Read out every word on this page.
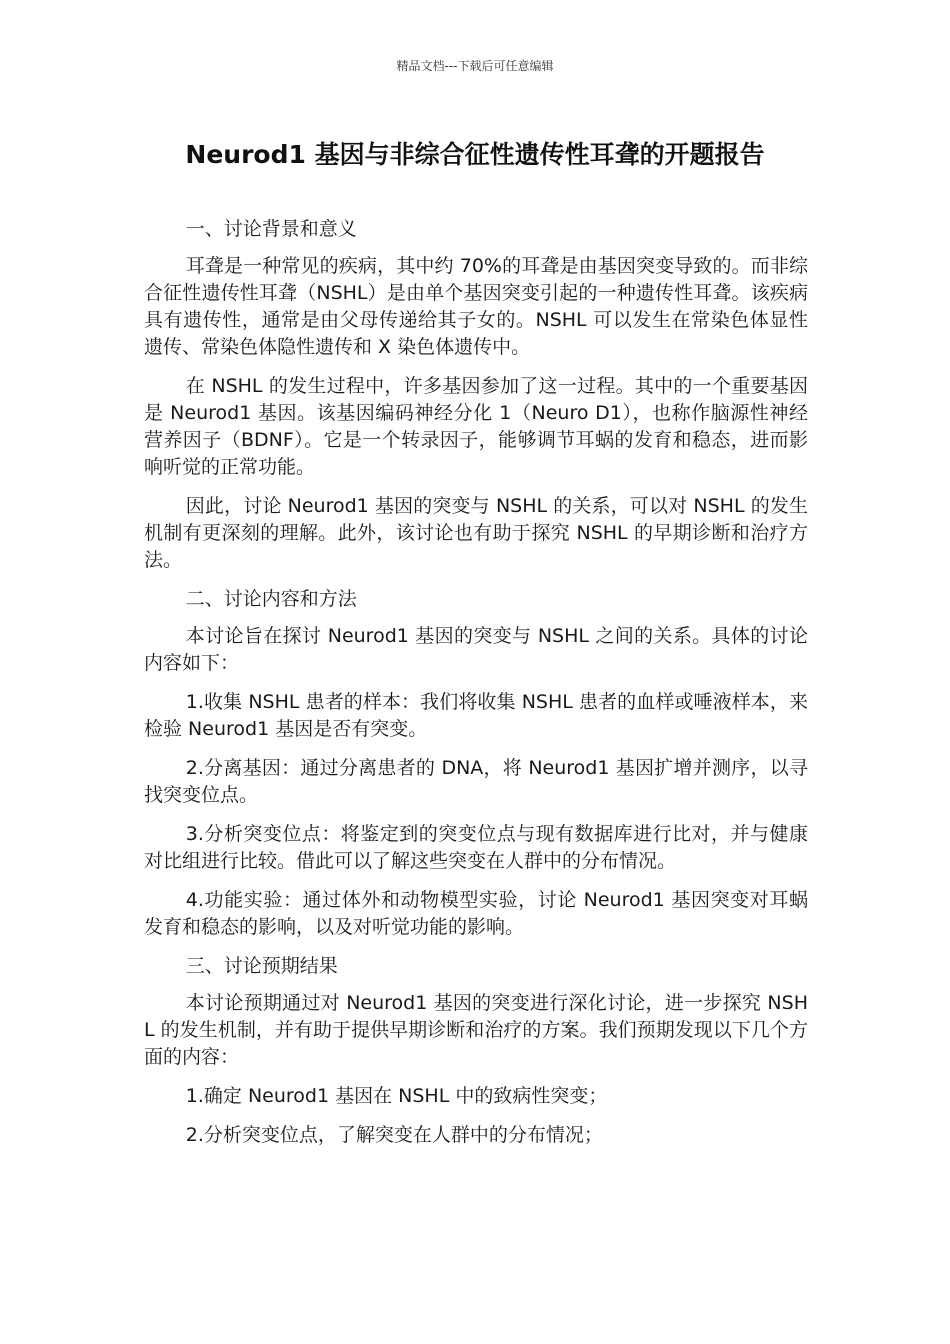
精品文档---下载后可任意编辑
Neurod1 基因与非综合征性遗传性耳聋的开题报告

一、讨论背景和意义

耳聋是一种常见的疾病，其中约 70%的耳聋是由基因突变导致的。而非综合征性遗传性耳聋（NSHL）是由单个基因突变引起的一种遗传性耳聋。该疾病具有遗传性，通常是由父母传递给其子女的。NSHL 可以发生在常染色体显性遗传、常染色体隐性遗传和 X 染色体遗传中。

在 NSHL 的发生过程中，许多基因参加了这一过程。其中的一个重要基因是 Neurod1 基因。该基因编码神经分化 1（Neuro D1），也称作脑源性神经营养因子（BDNF）。它是一个转录因子，能够调节耳蜗的发育和稳态，进而影响听觉的正常功能。

因此，讨论 Neurod1 基因的突变与 NSHL 的关系，可以对 NSHL 的发生机制有更深刻的理解。此外，该讨论也有助于探究 NSHL 的早期诊断和治疗方法。

二、讨论内容和方法

本讨论旨在探讨 Neurod1 基因的突变与 NSHL 之间的关系。具体的讨论内容如下：

1.收集 NSHL 患者的样本：我们将收集 NSHL 患者的血样或唾液样本，来检验 Neurod1 基因是否有突变。

2.分离基因：通过分离患者的 DNA，将 Neurod1 基因扩增并测序，以寻找突变位点。

3.分析突变位点：将鉴定到的突变位点与现有数据库进行比对，并与健康对比组进行比较。借此可以了解这些突变在人群中的分布情况。

4.功能实验：通过体外和动物模型实验，讨论 Neurod1 基因突变对耳蜗发育和稳态的影响，以及对听觉功能的影响。

三、讨论预期结果

本讨论预期通过对 Neurod1 基因的突变进行深化讨论，进一步探究 NSHL 的发生机制，并有助于提供早期诊断和治疗的方案。我们预期发现以下几个方面的内容：

1.确定 Neurod1 基因在 NSHL 中的致病性突变；

2.分析突变位点，了解突变在人群中的分布情况；
